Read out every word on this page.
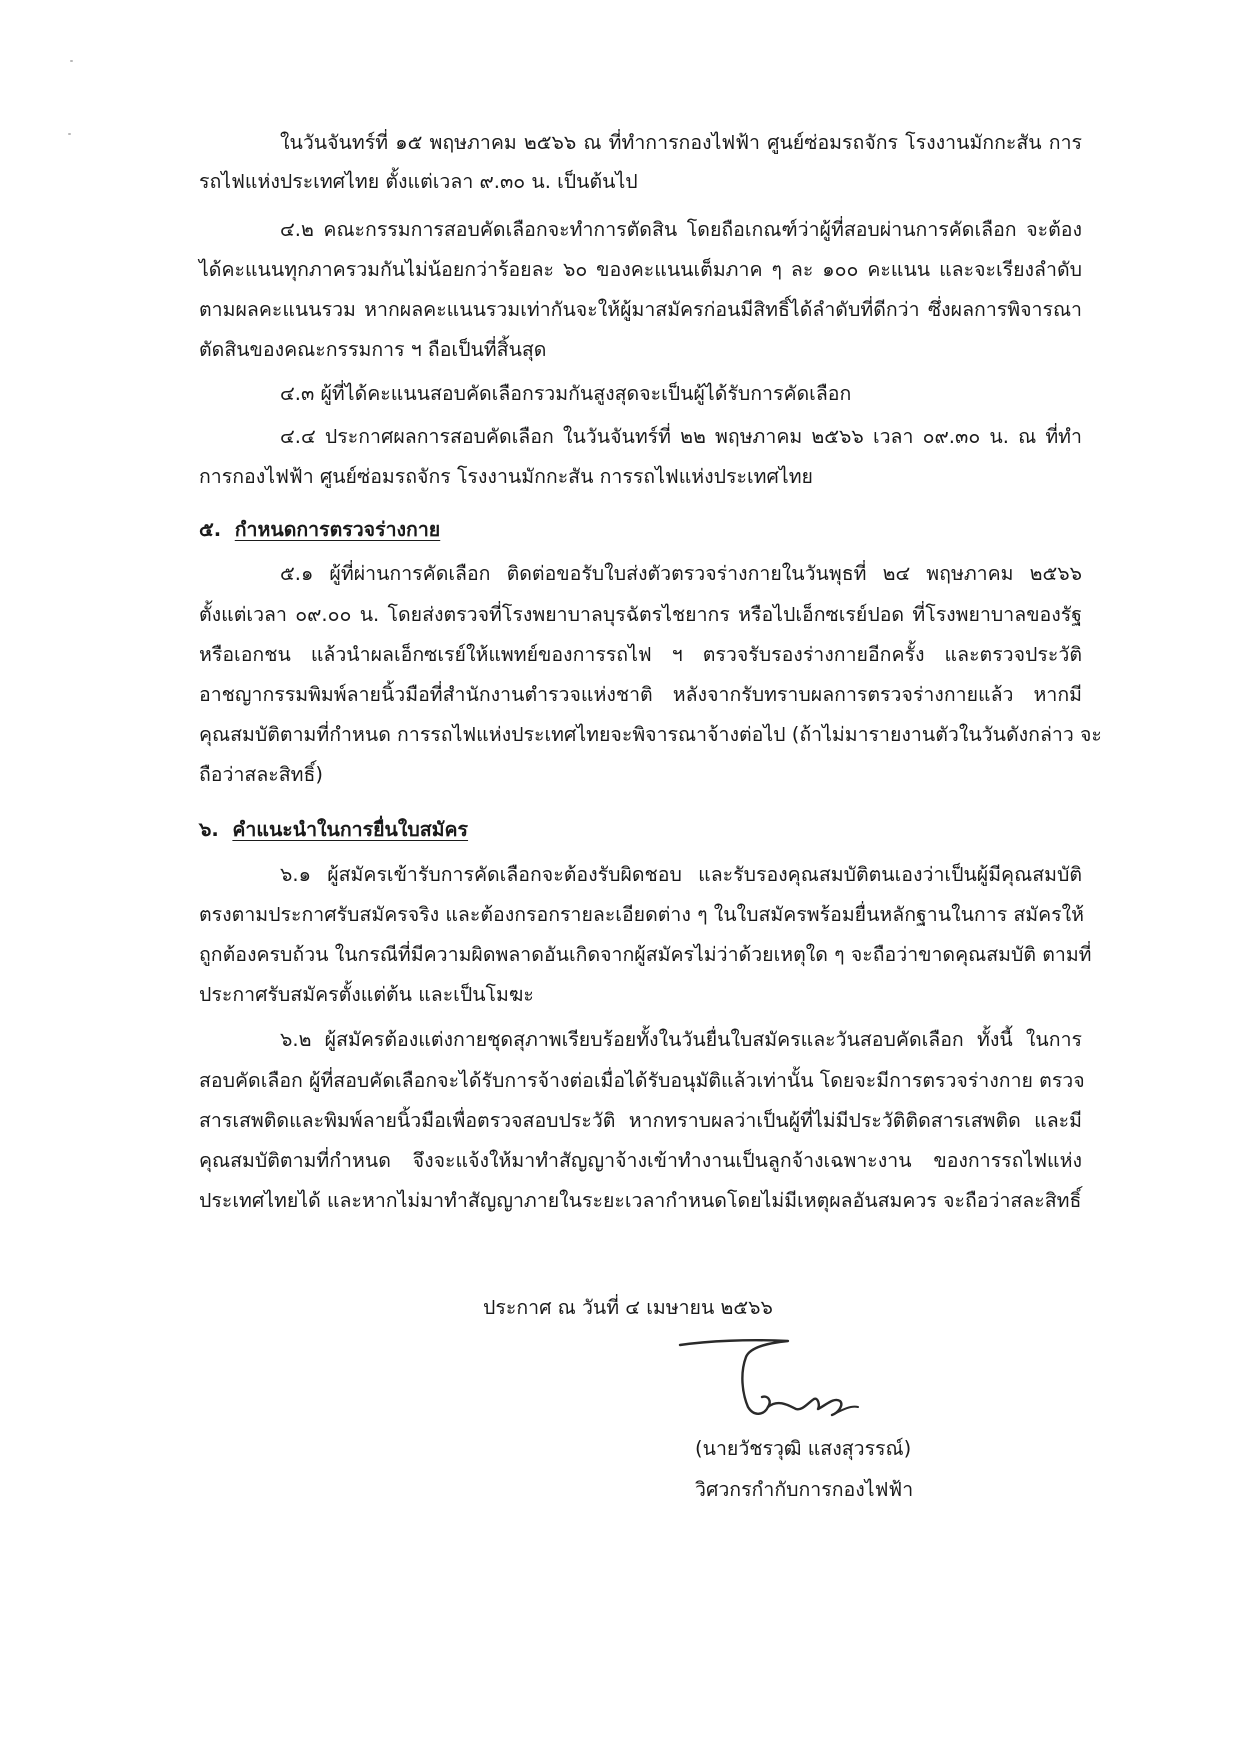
ในวันจันทร์ที่ ๑๕ พฤษภาคม ๒๕๖๖ ณ ที่ทำการกองไฟฟ้า ศูนย์ซ่อมรถจักร โรงงานมักกะสัน การ
รถไฟแห่งประเทศไทย ตั้งแต่เวลา ๙.๓๐ น. เป็นต้นไป
๔.๒ คณะกรรมการสอบคัดเลือกจะทำการตัดสิน โดยถือเกณฑ์ว่าผู้ที่สอบผ่านการคัดเลือก จะต้อง
ได้คะแนนทุกภาครวมกันไม่น้อยกว่าร้อยละ ๖๐ ของคะแนนเต็มภาค ๆ ละ ๑๐๐ คะแนน และจะเรียงลำดับ
ตามผลคะแนนรวม หากผลคะแนนรวมเท่ากันจะให้ผู้มาสมัครก่อนมีสิทธิ์ได้ลำดับที่ดีกว่า ซึ่งผลการพิจารณา
ตัดสินของคณะกรรมการ ฯ ถือเป็นที่สิ้นสุด
๔.๓ ผู้ที่ได้คะแนนสอบคัดเลือกรวมกันสูงสุดจะเป็นผู้ได้รับการคัดเลือก
๔.๔ ประกาศผลการสอบคัดเลือก ในวันจันทร์ที่ ๒๒ พฤษภาคม ๒๕๖๖ เวลา ๐๙.๓๐ น. ณ ที่ทำ
การกองไฟฟ้า ศูนย์ซ่อมรถจักร โรงงานมักกะสัน การรถไฟแห่งประเทศไทย
๕. กำหนดการตรวจร่างกาย
๕.๑ ผู้ที่ผ่านการคัดเลือก ติดต่อขอรับใบส่งตัวตรวจร่างกายในวันพุธที่ ๒๔ พฤษภาคม ๒๕๖๖
ตั้งแต่เวลา ๐๙.๐๐ น. โดยส่งตรวจที่โรงพยาบาลบุรฉัตรไชยากร หรือไปเอ็กซเรย์ปอด ที่โรงพยาบาลของรัฐ
หรือเอกชน แล้วนำผลเอ็กซเรย์ให้แพทย์ของการรถไฟ ฯ ตรวจรับรองร่างกายอีกครั้ง และตรวจประวัติ
อาชญากรรมพิมพ์ลายนิ้วมือที่สำนักงานตำรวจแห่งชาติ หลังจากรับทราบผลการตรวจร่างกายแล้ว หากมี
คุณสมบัติตามที่กำหนด การรถไฟแห่งประเทศไทยจะพิจารณาจ้างต่อไป (ถ้าไม่มารายงานตัวในวันดังกล่าว จะ
ถือว่าสละสิทธิ์)
๖. คำแนะนำในการยื่นใบสมัคร
๖.๑ ผู้สมัครเข้ารับการคัดเลือกจะต้องรับผิดชอบ และรับรองคุณสมบัติตนเองว่าเป็นผู้มีคุณสมบัติ
ตรงตามประกาศรับสมัครจริง และต้องกรอกรายละเอียดต่าง ๆ ในใบสมัครพร้อมยื่นหลักฐานในการ สมัครให้
ถูกต้องครบถ้วน ในกรณีที่มีความผิดพลาดอันเกิดจากผู้สมัครไม่ว่าด้วยเหตุใด ๆ จะถือว่าขาดคุณสมบัติ ตามที่
ประกาศรับสมัครตั้งแต่ต้น และเป็นโมฆะ
๖.๒ ผู้สมัครต้องแต่งกายชุดสุภาพเรียบร้อยทั้งในวันยื่นใบสมัครและวันสอบคัดเลือก ทั้งนี้ ในการ
สอบคัดเลือก ผู้ที่สอบคัดเลือกจะได้รับการจ้างต่อเมื่อได้รับอนุมัติแล้วเท่านั้น โดยจะมีการตรวจร่างกาย ตรวจ
สารเสพติดและพิมพ์ลายนิ้วมือเพื่อตรวจสอบประวัติ หากทราบผลว่าเป็นผู้ที่ไม่มีประวัติติดสารเสพติด และมี
คุณสมบัติตามที่กำหนด จึงจะแจ้งให้มาทำสัญญาจ้างเข้าทำงานเป็นลูกจ้างเฉพาะงาน ของการรถไฟแห่ง
ประเทศไทยได้ และหากไม่มาทำสัญญาภายในระยะเวลากำหนดโดยไม่มีเหตุผลอันสมควร จะถือว่าสละสิทธิ์
ประกาศ ณ วันที่ ๔ เมษายน ๒๕๖๖
(นายวัชรวุฒิ แสงสุวรรณ์)
วิศวกรกำกับการกองไฟฟ้า
